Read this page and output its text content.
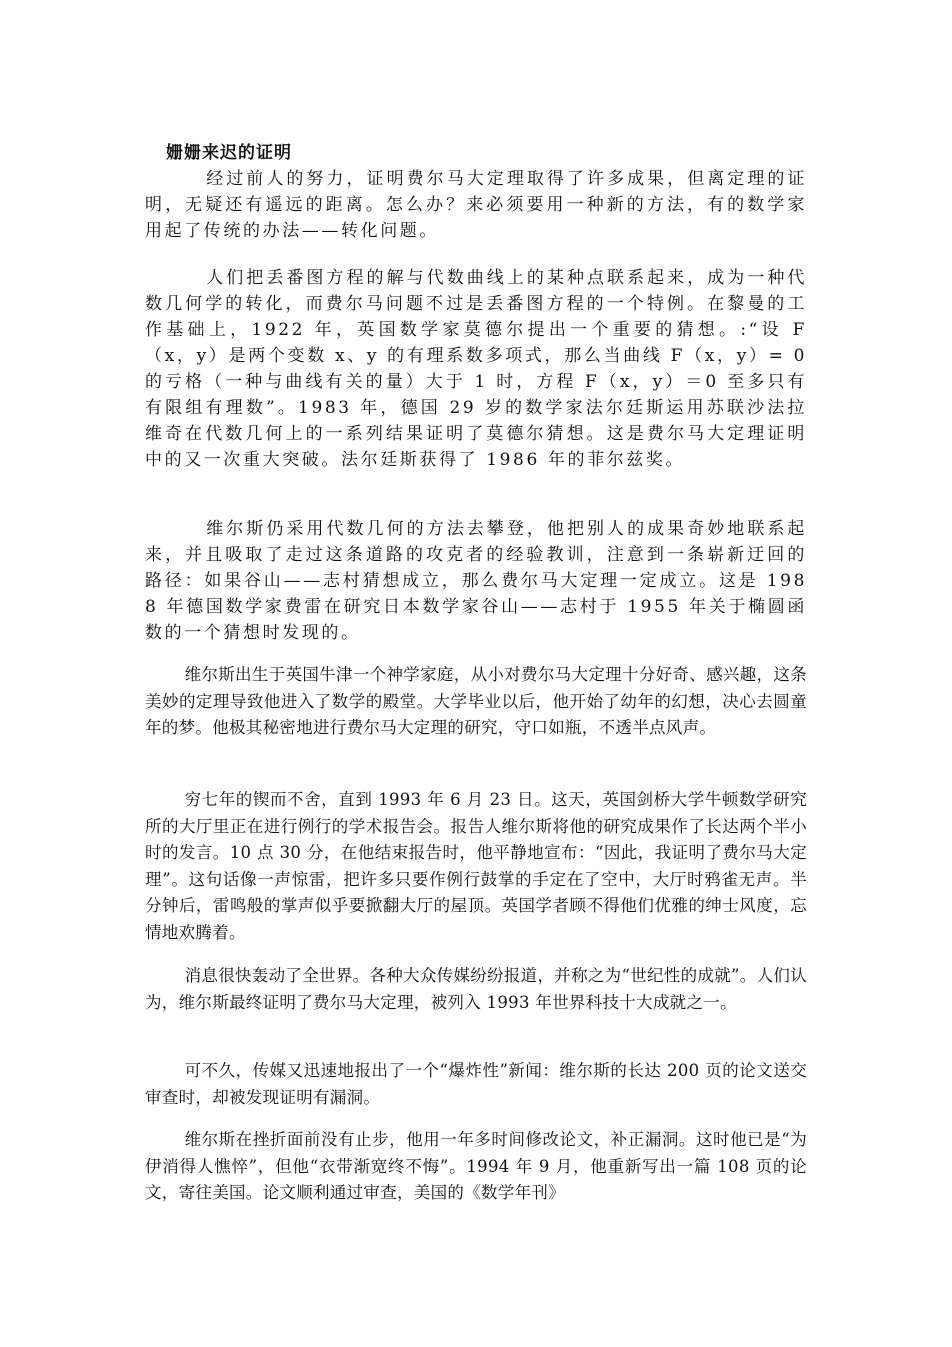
姗姗来迟的证明

经过前人的努力，证明费尔马大定理取得了许多成果，但离定理的证明，无疑还有遥远的距离。怎么办？来必须要用一种新的方法，有的数学家用起了传统的办法——转化问题。

人们把丢番图方程的解与代数曲线上的某种点联系起来，成为一种代数几何学的转化，而费尔马问题不过是丢番图方程的一个特例。在黎曼的工作基础上，1922 年，英国数学家莫德尔提出一个重要的猜想。:“设 F（x，y）是两个变数 x、y 的有理系数多项式，那么当曲线 F（x，y）= 0 的亏格（一种与曲线有关的量）大于 1 时，方程 F（x，y）＝0 至多只有有限组有理数”。1983 年，德国 29 岁的数学家法尔廷斯运用苏联沙法拉维奇在代数几何上的一系列结果证明了莫德尔猜想。这是费尔马大定理证明中的又一次重大突破。法尔廷斯获得了 1986 年的菲尔兹奖。

维尔斯仍采用代数几何的方法去攀登，他把别人的成果奇妙地联系起来，并且吸取了走过这条道路的攻克者的经验教训，注意到一条崭新迂回的路径：如果谷山——志村猜想成立，那么费尔马大定理一定成立。这是 1988 年德国数学家费雷在研究日本数学家谷山——志村于 1955 年关于椭圆函数的一个猜想时发现的。

维尔斯出生于英国牛津一个神学家庭，从小对费尔马大定理十分好奇、感兴趣，这条美妙的定理导致他进入了数学的殿堂。大学毕业以后，他开始了幼年的幻想，决心去圆童年的梦。他极其秘密地进行费尔马大定理的研究，守口如瓶，不透半点风声。

穷七年的锲而不舍，直到 1993 年 6 月 23 日。这天，英国剑桥大学牛顿数学研究所的大厅里正在进行例行的学术报告会。报告人维尔斯将他的研究成果作了长达两个半小时的发言。10 点 30 分，在他结束报告时，他平静地宣布：“因此，我证明了费尔马大定理”。这句话像一声惊雷，把许多只要作例行鼓掌的手定在了空中，大厅时鸦雀无声。半分钟后，雷鸣般的掌声似乎要掀翻大厅的屋顶。英国学者顾不得他们优雅的绅士风度，忘情地欢腾着。

消息很快轰动了全世界。各种大众传媒纷纷报道，并称之为“世纪性的成就”。人们认为，维尔斯最终证明了费尔马大定理，被列入 1993 年世界科技十大成就之一。

可不久，传媒又迅速地报出了一个“爆炸性”新闻：维尔斯的长达 200 页的论文送交审查时，却被发现证明有漏洞。

维尔斯在挫折面前没有止步，他用一年多时间修改论文，补正漏洞。这时他已是“为伊消得人憔悴”，但他“衣带渐宽终不悔”。1994 年 9 月，他重新写出一篇 108 页的论文，寄往美国。论文顺利通过审查，美国的《数学年刊》
